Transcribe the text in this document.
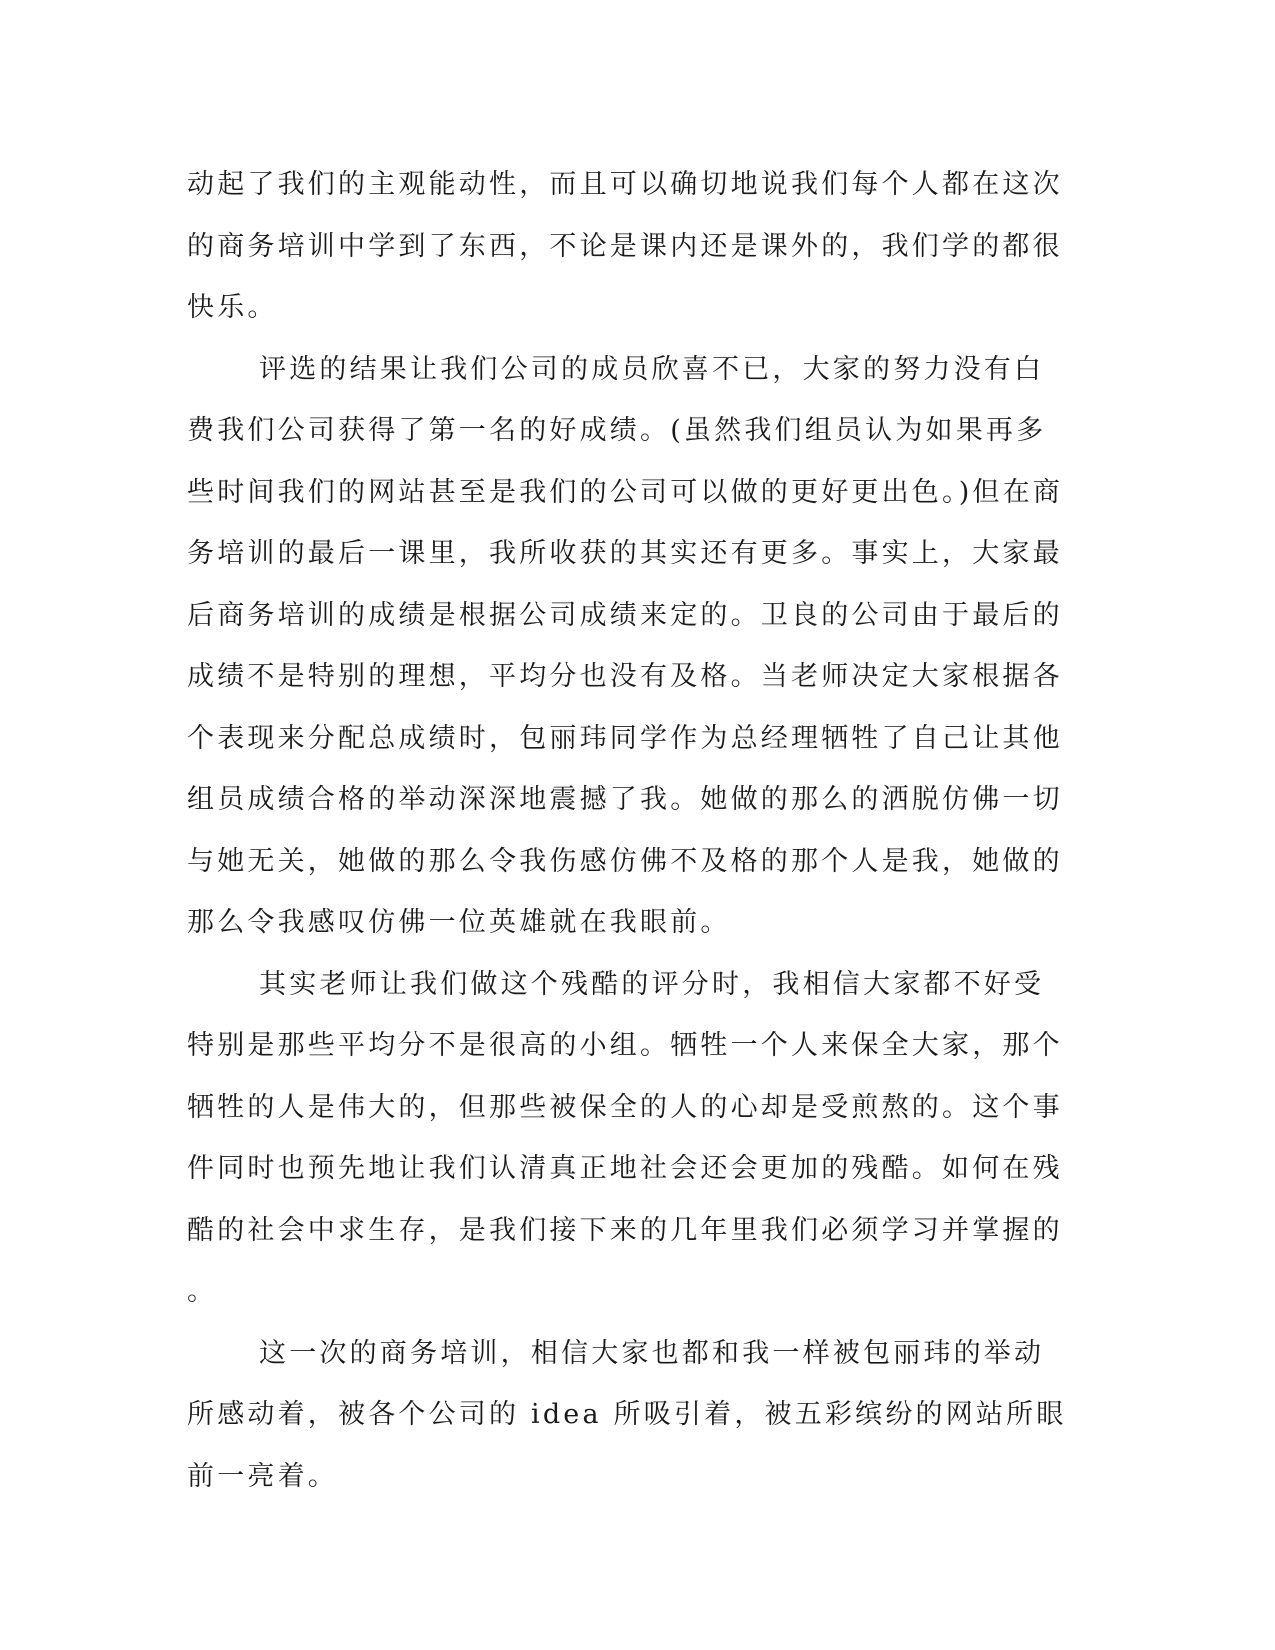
动起了我们的主观能动性，而且可以确切地说我们每个人都在这次的商务培训中学到了东西，不论是课内还是课外的，我们学的都很快乐。

评选的结果让我们公司的成员欣喜不已，大家的努力没有白费我们公司获得了第一名的好成绩。(虽然我们组员认为如果再多些时间我们的网站甚至是我们的公司可以做的更好更出色。)但在商务培训的最后一课里，我所收获的其实还有更多。事实上，大家最后商务培训的成绩是根据公司成绩来定的。卫良的公司由于最后的成绩不是特别的理想，平均分也没有及格。当老师决定大家根据各个表现来分配总成绩时，包丽玮同学作为总经理牺牲了自己让其他组员成绩合格的举动深深地震撼了我。她做的那么的洒脱仿佛一切与她无关，她做的那么令我伤感仿佛不及格的那个人是我，她做的那么令我感叹仿佛一位英雄就在我眼前。

其实老师让我们做这个残酷的评分时，我相信大家都不好受特别是那些平均分不是很高的小组。牺牲一个人来保全大家，那个牺牲的人是伟大的，但那些被保全的人的心却是受煎熬的。这个事件同时也预先地让我们认清真正地社会还会更加的残酷。如何在残酷的社会中求生存，是我们接下来的几年里我们必须学习并掌握的。

这一次的商务培训，相信大家也都和我一样被包丽玮的举动所感动着，被各个公司的 idea 所吸引着，被五彩缤纷的网站所眼前一亮着。
